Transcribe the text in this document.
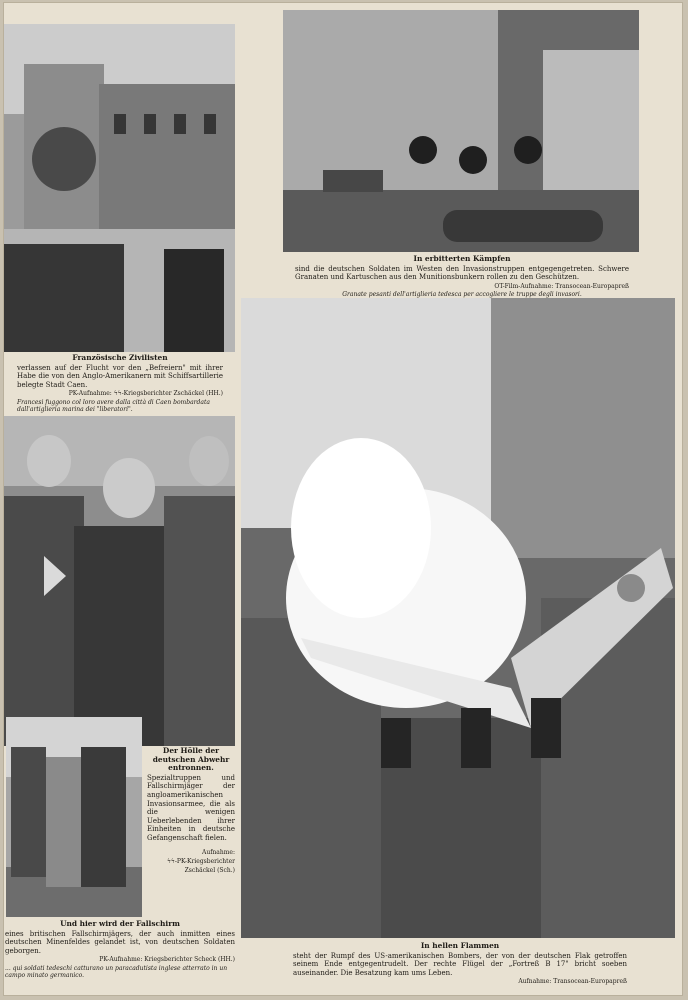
Französische Zivilisten
verlassen auf der Flucht vor den „Befreiern" mit ihrer Habe die von den Anglo-Amerikanern mit Schiffsartillerie belegte Stadt Caen.
PK-Aufnahme: ϟϟ-Kriegsberichter Zschäckel (HH.)
Francesi fuggono col loro avere dalla città di Caen bombardata dall'artiglieria marina dei "liberatori".
In erbitterten Kämpfen
sind die deutschen Soldaten im Westen den Invasionstruppen entgegengetreten. Schwere Granaten und Kartuschen aus den Munitionsbunkern rollen zu den Geschützen.
OT-Film-Aufnahme: Transocean-Europapreß
Granate pesanti dell'artiglieria tedesca per accogliere le truppe degli invasori.
Der Hölle der deutschen Abwehr entronnen.
Spezialtruppen und Fallschirmjäger der angloamerikanischen Invasionsarmee, die als die wenigen Ueberlebenden ihrer Einheiten in deutsche Gefangenschaft fielen.
Aufnahme:
ϟϟ-PK-Kriegsberichter Zschäckel (Sch.)
Und hier wird der Fallschirm
eines britischen Fallschirmjägers, der auch inmitten eines deutschen Minenfeldes gelandet ist, von deutschen Soldaten geborgen.
PK-Aufnahme: Kriegsberichter Scheck (HH.)
... qui soldati tedeschi catturano un paracadutista inglese atterrato in un campo minato germanico.
In hellen Flammen
steht der Rumpf des US-amerikanischen Bombers, der von der deutschen Flak getroffen seinem Ende entgegentrudelt. Der rechte Flügel der „Fortreß B 17" bricht soeben auseinander. Die Besatzung kam ums Leben.
Aufnahme: Transocean-Europapreß
